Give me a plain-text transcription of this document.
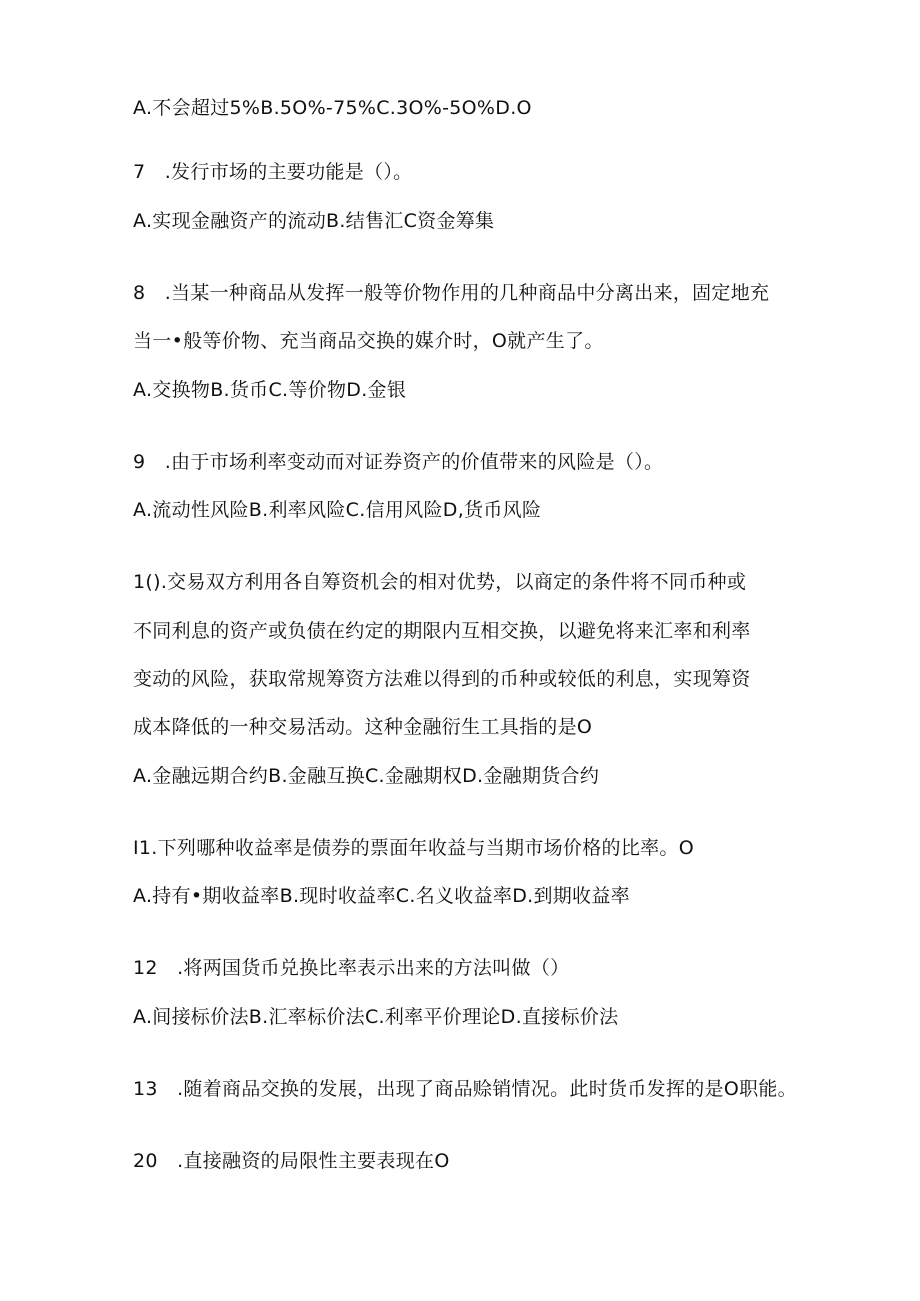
A.不会超过5%B.5O%-75%C.3O%-5O%D.O
7　.发行市场的主要功能是（）。
A.实现金融资产的流动B.结售汇C资金筹集
8　.当某一种商品从发挥一般等价物作用的几种商品中分离出来，固定地充
当一•般等价物、充当商品交换的媒介时，O就产生了。
A.交换物B.货币C.等价物D.金银
9　.由于市场利率变动而对证券资产的价值带来的风险是（）。
A.流动性风险B.利率风险C.信用风险D,货币风险
1().交易双方利用各自筹资机会的相对优势，以商定的条件将不同币种或
不同利息的资产或负债在约定的期限内互相交换，以避免将来汇率和利率
变动的风险，获取常规筹资方法难以得到的币种或较低的利息，实现筹资
成本降低的一种交易活动。这种金融衍生工具指的是O
A.金融远期合约B.金融互换C.金融期权D.金融期货合约
I1.下列哪种收益率是债券的票面年收益与当期市场价格的比率。O
A.持有•期收益率B.现时收益率C.名义收益率D.到期收益率
12　.将两国货币兑换比率表示出来的方法叫做（）
A.间接标价法B.汇率标价法C.利率平价理论D.直接标价法
13　.随着商品交换的发展，出现了商品赊销情况。此时货币发挥的是O职能。
20　.直接融资的局限性主要表现在O
